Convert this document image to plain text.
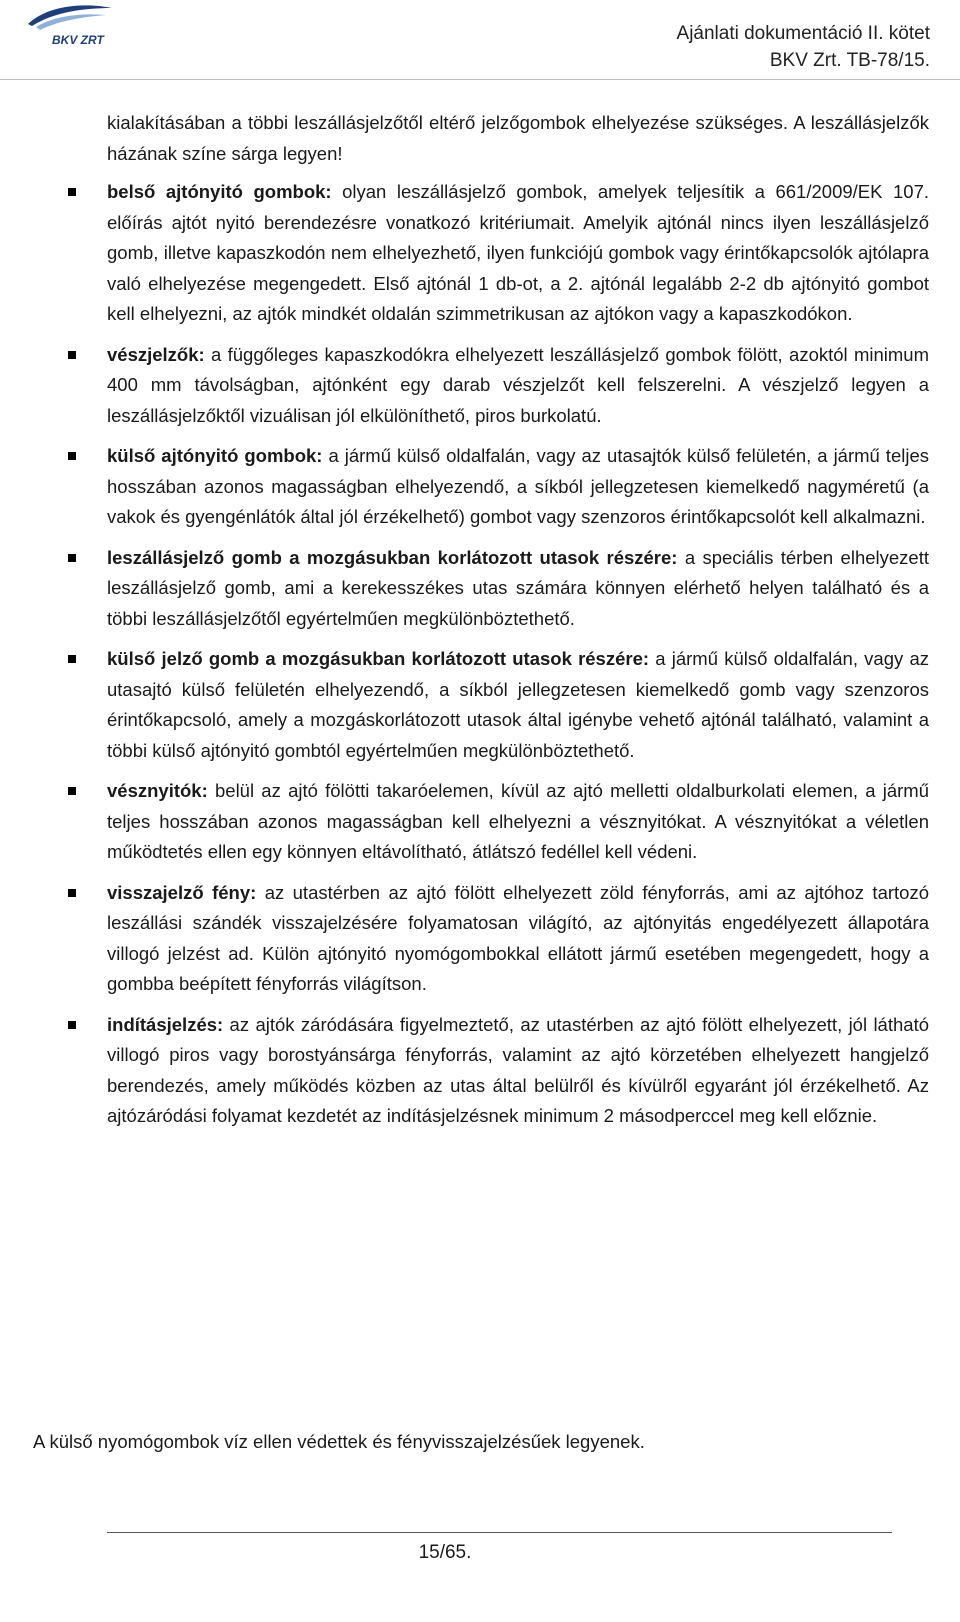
BKV ZRT	Ajánlati dokumentáció II. kötet
BKV Zrt. TB-78/15.

kialakításában a többi leszállásjelzőtől eltérő jelzőgombok elhelyezése szükséges. A leszállásjelzők házának színe sárga legyen!

belső ajtónyitó gombok: olyan leszállásjelző gombok, amelyek teljesítik a 661/2009/EK 107. előírás ajtót nyitó berendezésre vonatkozó kritériumait. Amelyik ajtónál nincs ilyen leszállásjelző gomb, illetve kapaszkodón nem elhelyezhető, ilyen funkciójú gombok vagy érintőkapcsolók ajtólapra való elhelyezése megengedett. Első ajtónál 1 db-ot, a 2. ajtónál legalább 2-2 db ajtónyitó gombot kell elhelyezni, az ajtók mindkét oldalán szimmetrikusan az ajtókon vagy a kapaszkodókon.
vészjelzők: a függőleges kapaszkodókra elhelyezett leszállásjelző gombok fölött, azoktól minimum 400 mm távolságban, ajtónként egy darab vészjelzőt kell felszerelni. A vészjelző legyen a leszállásjelzőktől vizuálisan jól elkülöníthető, piros burkolatú.
külső ajtónyitó gombok: a jármű külső oldalfalán, vagy az utasajtók külső felületén, a jármű teljes hosszában azonos magasságban elhelyezendő, a síkból jellegzetesen kiemelkedő nagyméretű (a vakok és gyengénlátók által jól érzékelhető) gombot vagy szenzoros érintőkapcsolót kell alkalmazni.
leszállásjelző gomb a mozgásukban korlátozott utasok részére: a speciális térben elhelyezett leszállásjelző gomb, ami a kerekesszékes utas számára könnyen elérhető helyen található és a többi leszállásjelzőtől egyértelműen megkülönböztethető.
külső jelző gomb a mozgásukban korlátozott utasok részére: a jármű külső oldalfalán, vagy az utasajtó külső felületén elhelyezendő, a síkból jellegzetesen kiemelkedő gomb vagy szenzoros érintőkapcsoló, amely a mozgáskorlátozott utasok által igénybe vehető ajtónál található, valamint a többi külső ajtónyitó gombtól egyértelműen megkülönböztethető.
vésznyitók: belül az ajtó fölötti takaróelemen, kívül az ajtó melletti oldalburkolati elemen, a jármű teljes hosszában azonos magasságban kell elhelyezni a vésznyitókat. A vésznyitókat a véletlen működtetés ellen egy könnyen eltávolítható, átlátszó fedéllel kell védeni.
visszajelző fény: az utastérben az ajtó fölött elhelyezett zöld fényforrás, ami az ajtóhoz tartozó leszállási szándék visszajelzésére folyamatosan világító, az ajtónyitás engedélyezett állapotára villogó jelzést ad. Külön ajtónyitó nyomógombokkal ellátott jármű esetében megengedett, hogy a gombba beépített fényforrás világítson.
indításjelzés: az ajtók záródására figyelmeztető, az utastérben az ajtó fölött elhelyezett, jól látható villogó piros vagy borostyánsárga fényforrás, valamint az ajtó körzetében elhelyezett hangjelző berendezés, amely működés közben az utas által belülről és kívülről egyaránt jól érzékelhető. Az ajtózáródási folyamat kezdetét az indításjelzésnek minimum 2 másodperccel meg kell előznie.

A külső nyomógombok víz ellen védettek és fényvisszajelzésűek legyenek.

15/65.
